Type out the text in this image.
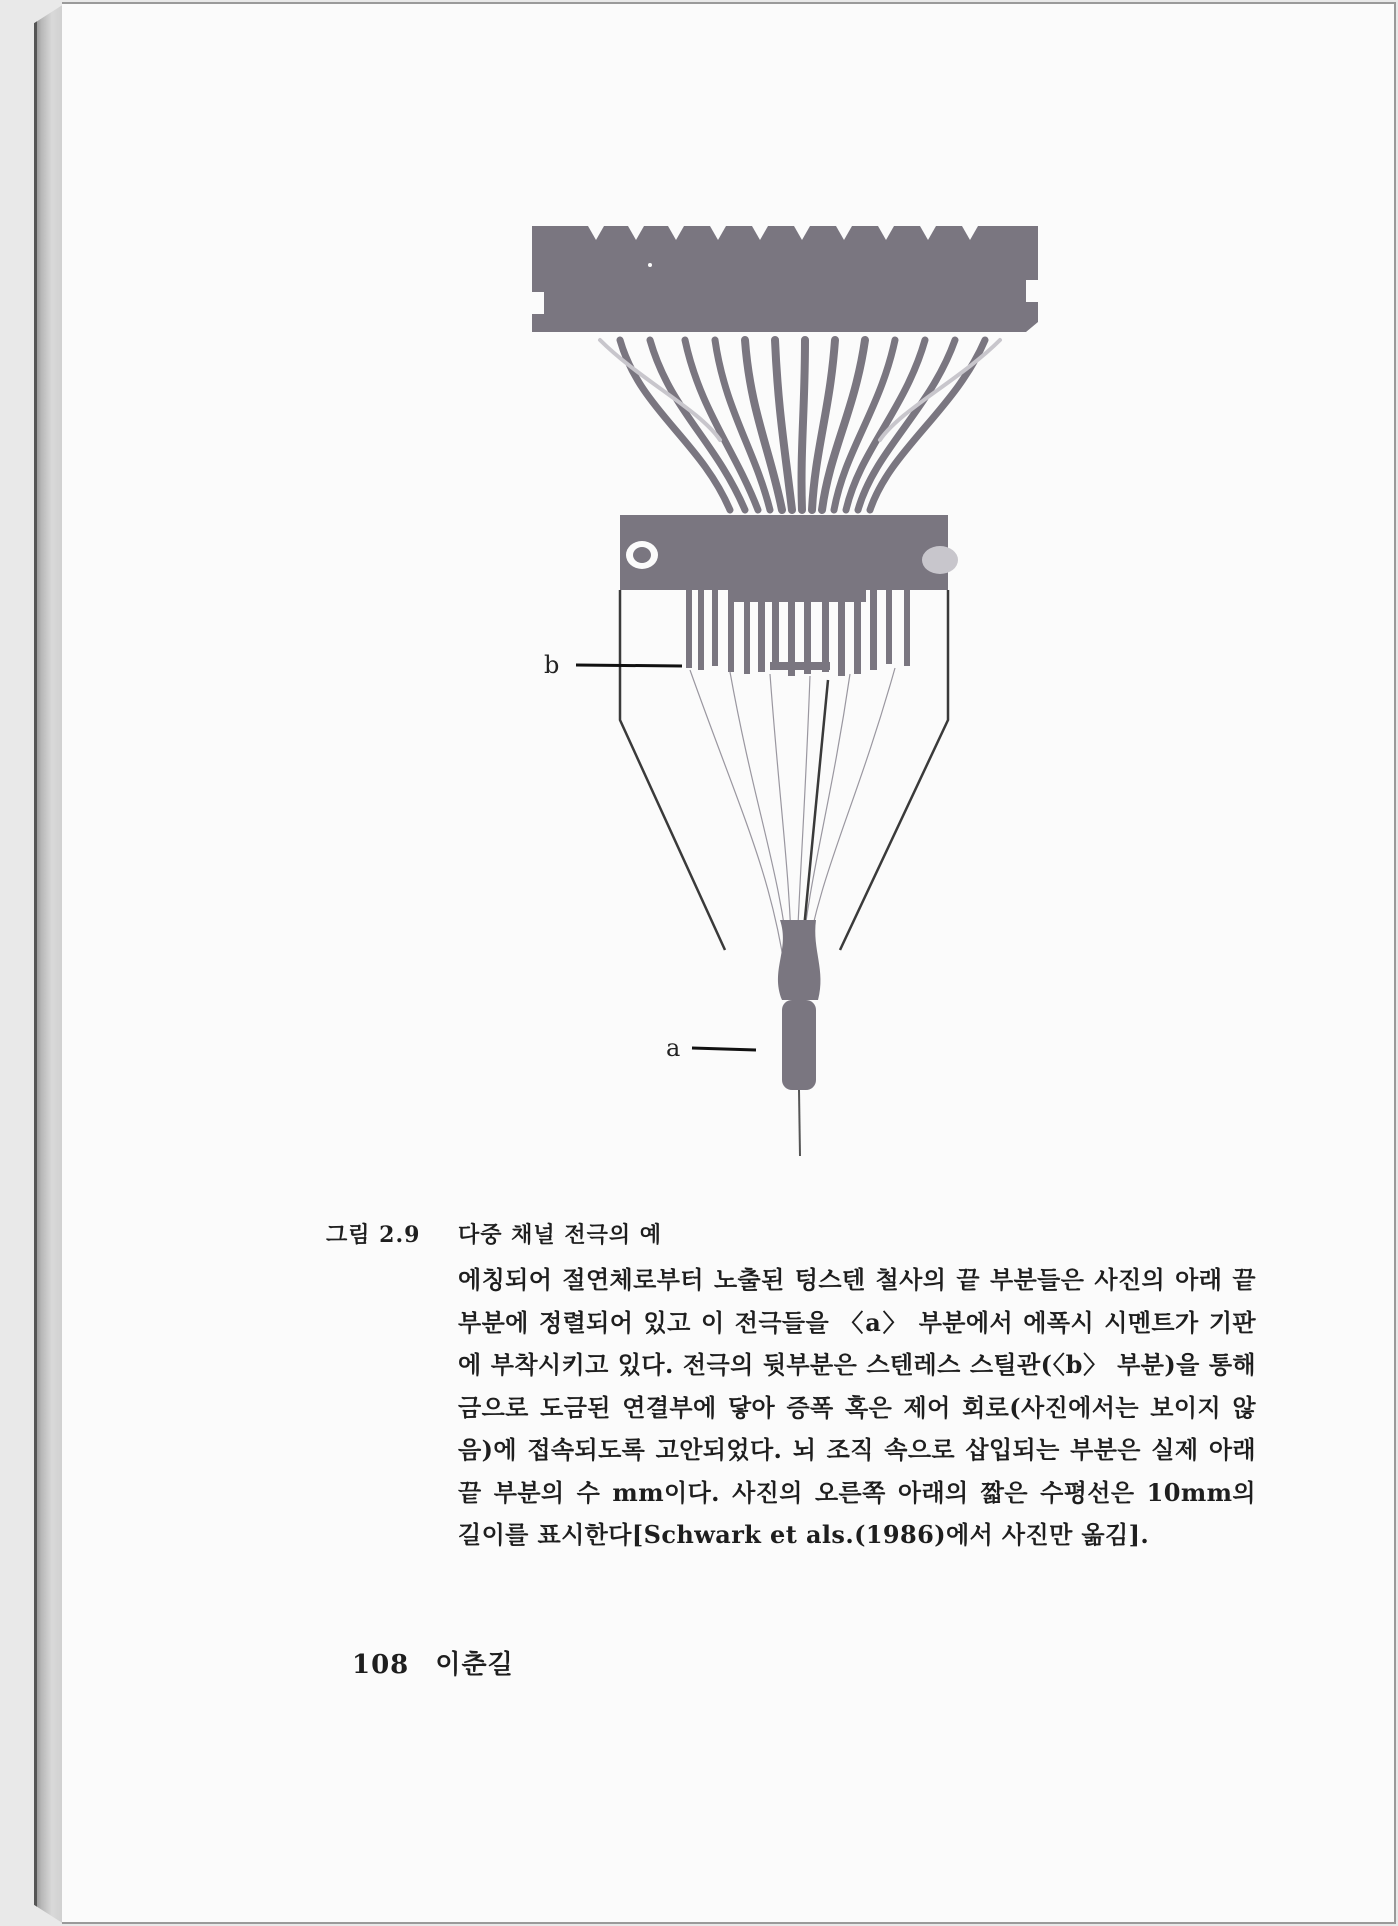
b
a
그림 2.9	다중 채널 전극의 예
에칭되어 절연체로부터 노출된 텅스텐 철사의 끝 부분들은 사진의 아래 끝부분에 정렬되어 있고 이 전극들을 〈a〉 부분에서 에폭시 시멘트가 기판에 부착시키고 있다. 전극의 뒷부분은 스텐레스 스틸관(〈b〉 부분)을 통해 금으로 도금된 연결부에 닿아 증폭 혹은 제어 회로(사진에서는 보이지 않음)에 접속되도록 고안되었다. 뇌 조직 속으로 삽입되는 부분은 실제 아래 끝 부분의 수 mm이다. 사진의 오른쪽 아래의 짧은 수평선은 10mm의 길이를 표시한다[Schwark et als.(1986)에서 사진만 옮김].
108 이춘길
